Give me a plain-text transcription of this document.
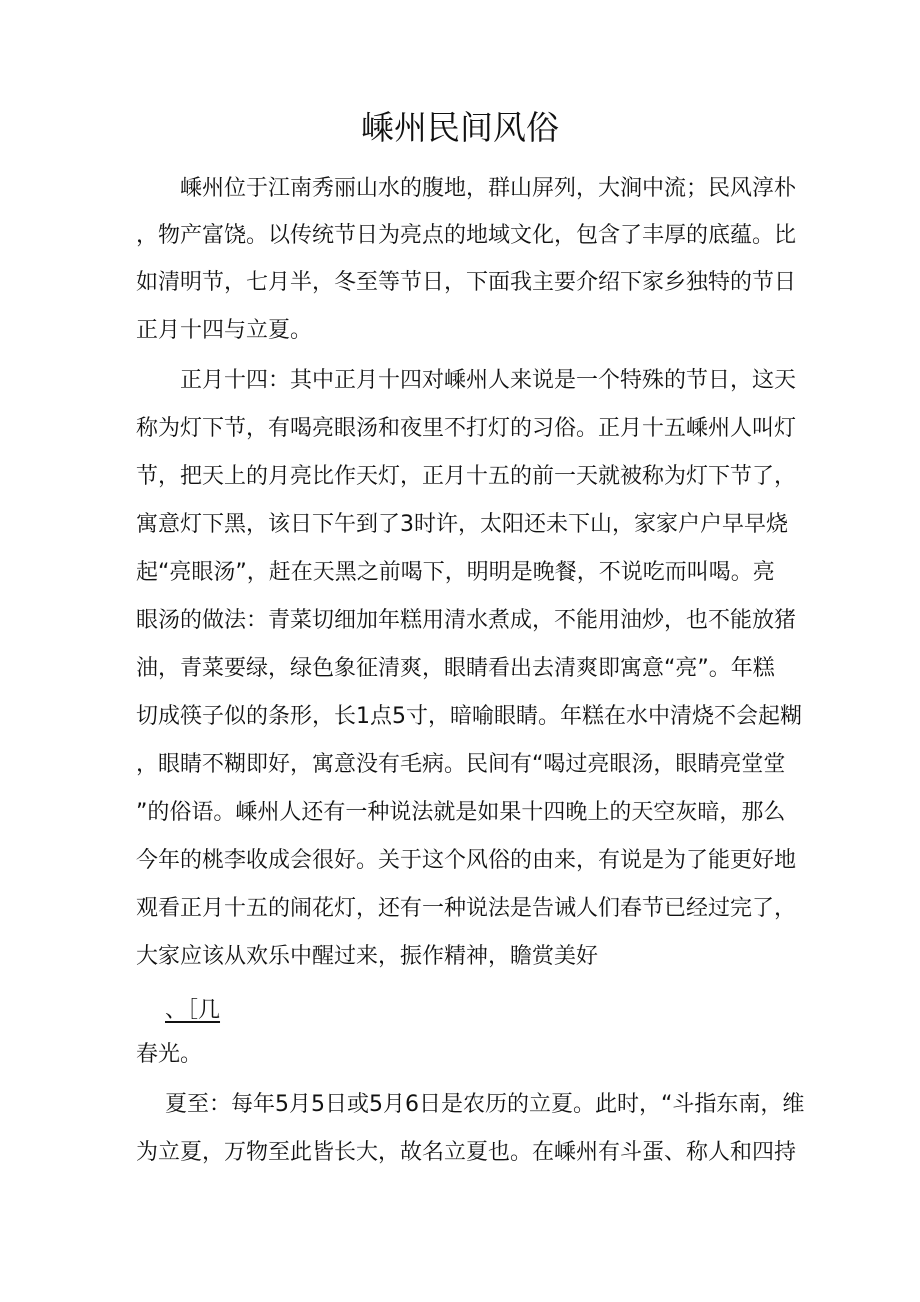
嵊州民间风俗

嵊州位于江南秀丽山水的腹地，群山屏列，大涧中流；民风淳朴

，物产富饶。以传统节日为亮点的地域文化，包含了丰厚的底蕴。比

如清明节，七月半，冬至等节日，下面我主要介绍下家乡独特的节日

正月十四与立夏。

正月十四：其中正月十四对嵊州人来说是一个特殊的节日，这天

称为灯下节，有喝亮眼汤和夜里不打灯的习俗。正月十五嵊州人叫灯

节，把天上的月亮比作天灯，正月十五的前一天就被称为灯下节了，

寓意灯下黑，该日下午到了3时许，太阳还未下山，家家户户早早烧

起“亮眼汤”，赶在天黑之前喝下，明明是晚餐，不说吃而叫喝。亮

眼汤的做法：青菜切细加年糕用清水煮成，不能用油炒，也不能放猪

油，青菜要绿，绿色象征清爽，眼睛看出去清爽即寓意“亮”。年糕

切成筷子似的条形，长1点5寸，暗喻眼睛。年糕在水中清烧不会起糊

，眼睛不糊即好，寓意没有毛病。民间有“喝过亮眼汤，眼睛亮堂堂

”的俗语。嵊州人还有一种说法就是如果十四晚上的天空灰暗，那么

今年的桃李收成会很好。关于这个风俗的由来，有说是为了能更好地

观看正月十五的闹花灯，还有一种说法是告诫人们春节已经过完了，

大家应该从欢乐中醒过来，振作精神，瞻赏美好

、［几

春光。

夏至：每年5月5日或5月6日是农历的立夏。此时，“斗指东南，维

为立夏，万物至此皆长大，故名立夏也。在嵊州有斗蛋、称人和四持
